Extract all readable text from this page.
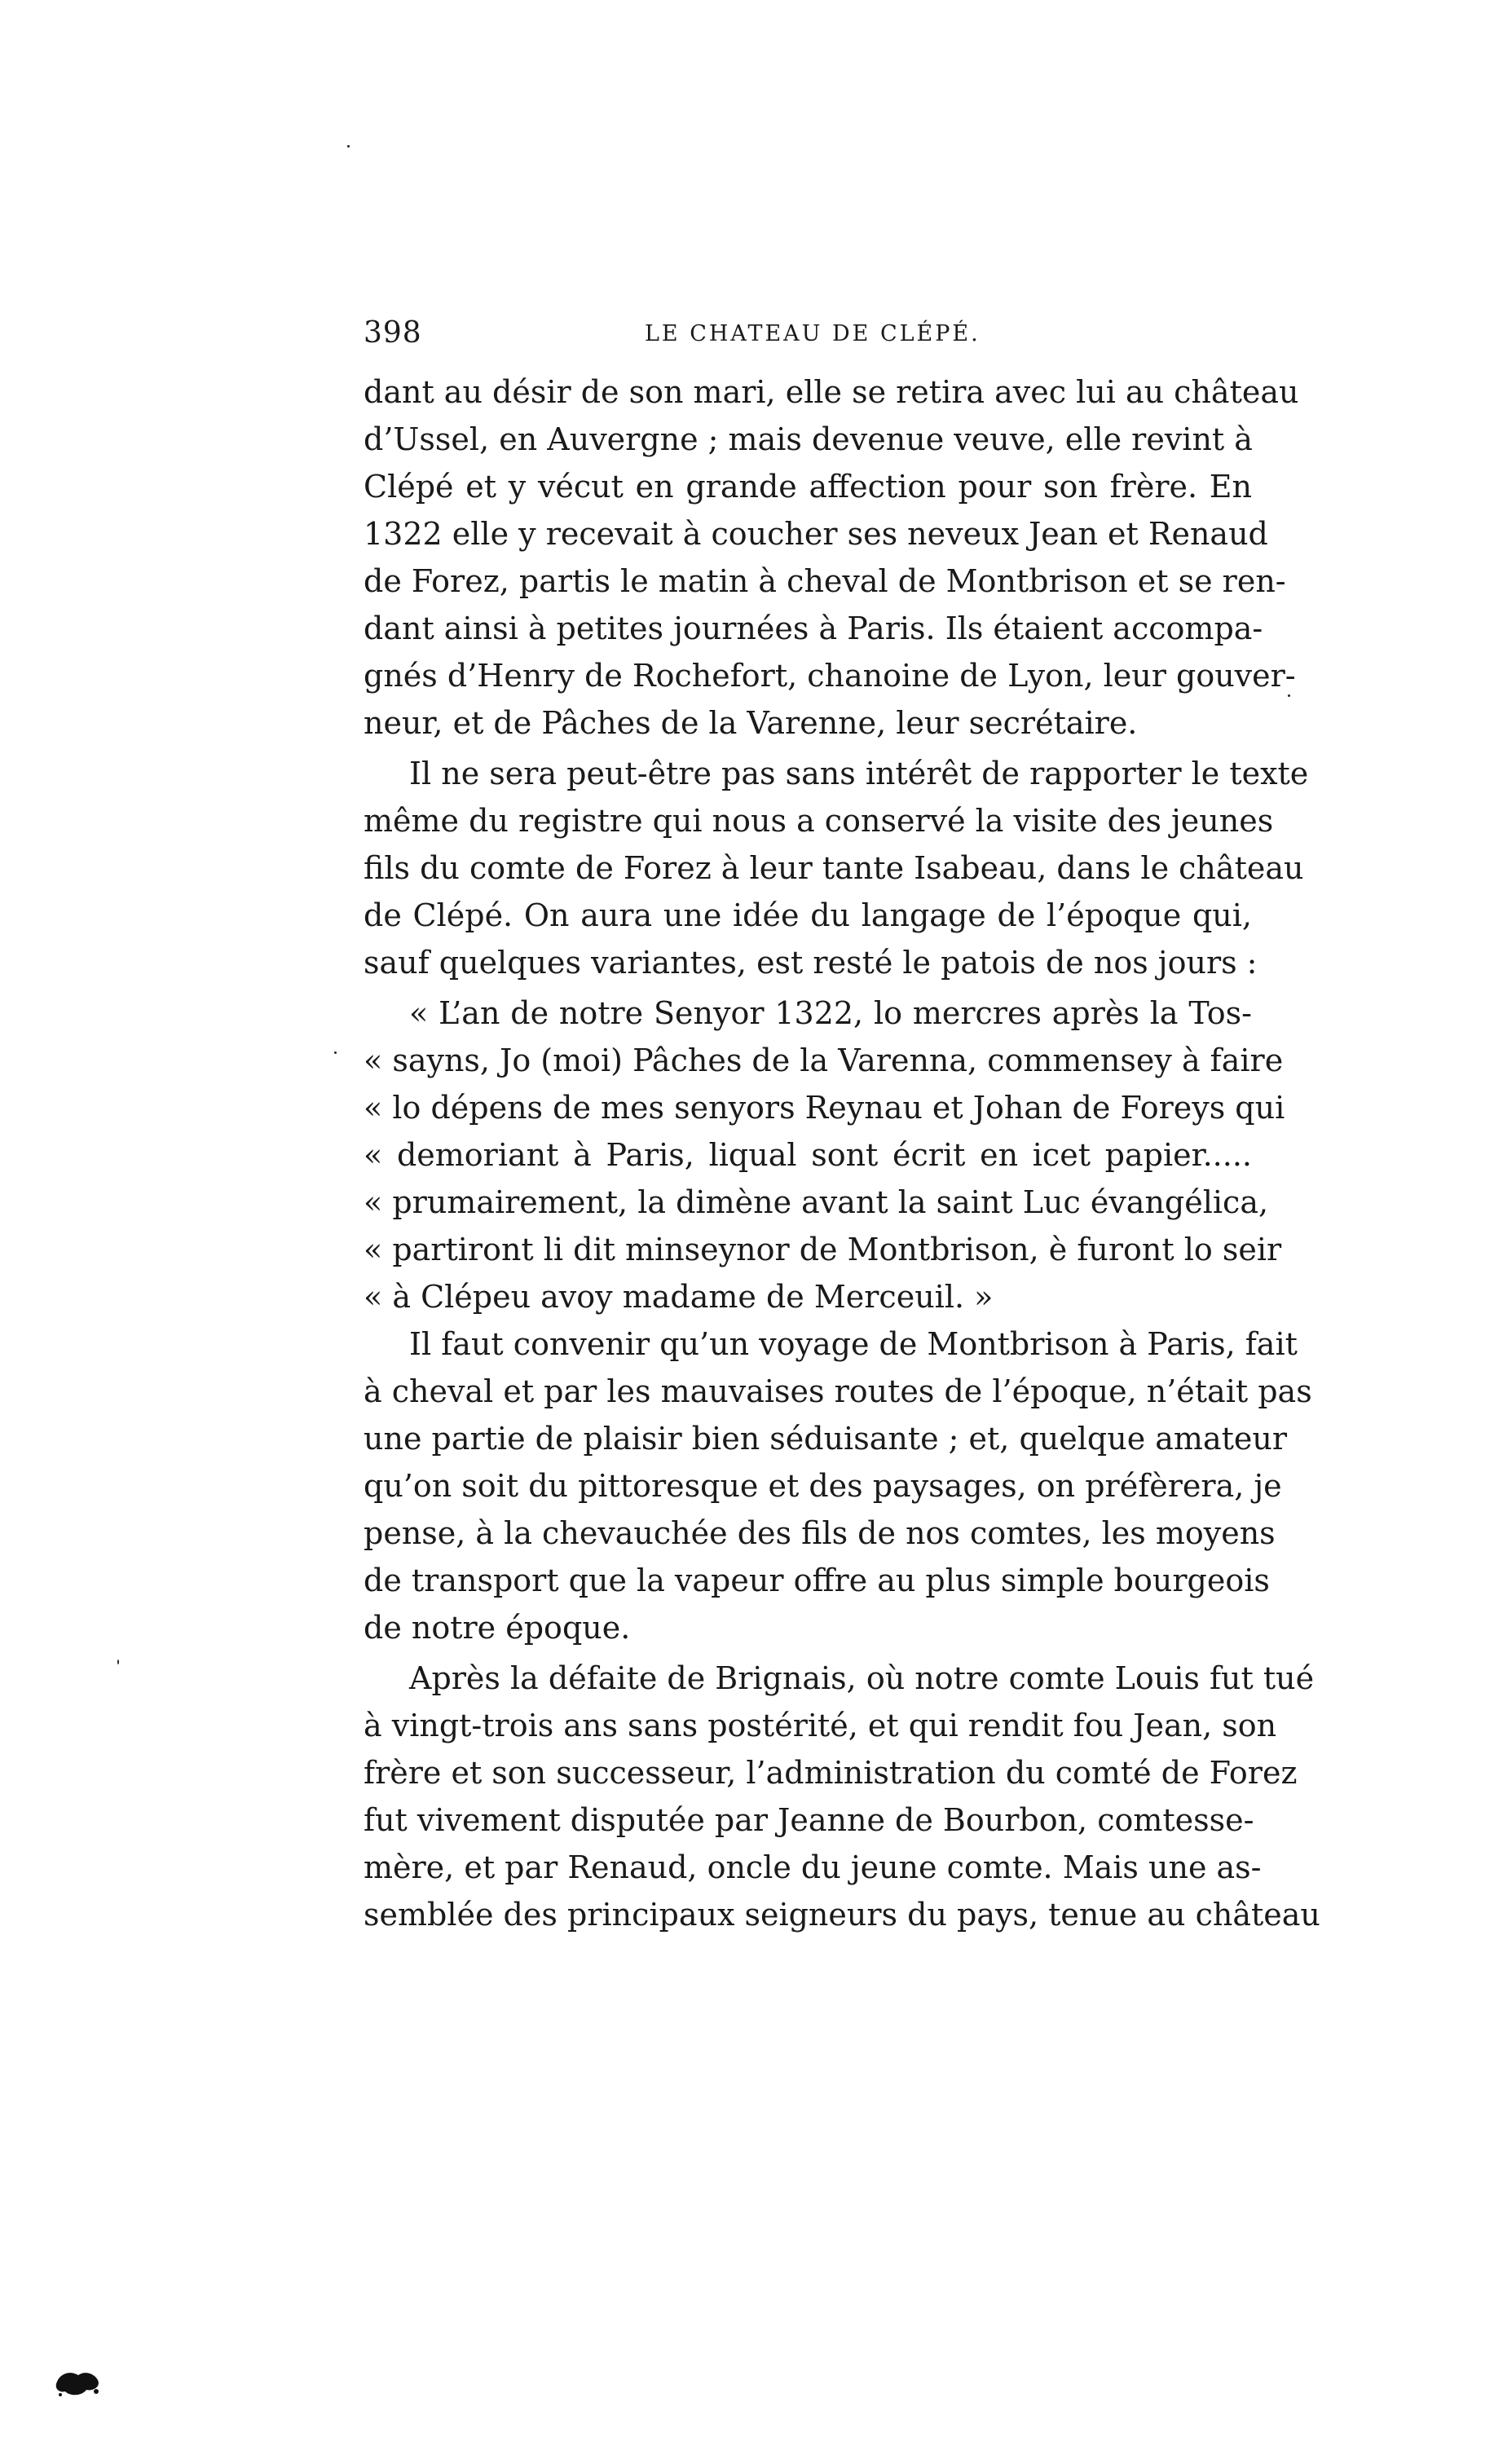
398	LE CHATEAU DE CLÉPÉ.
dant au désir de son mari, elle se retira avec lui au château
d’Ussel, en Auvergne ; mais devenue veuve, elle revint à
Clépé et y vécut en grande affection pour son frère. En
1322 elle y recevait à coucher ses neveux Jean et Renaud
de Forez, partis le matin à cheval de Montbrison et se ren-
dant ainsi à petites journées à Paris. Ils étaient accompa-
gnés d’Henry de Rochefort, chanoine de Lyon, leur gouver-
neur, et de Pâches de la Varenne, leur secrétaire.
Il ne sera peut-être pas sans intérêt de rapporter le texte
même du registre qui nous a conservé la visite des jeunes
fils du comte de Forez à leur tante Isabeau, dans le château
de Clépé. On aura une idée du langage de l’époque qui,
sauf quelques variantes, est resté le patois de nos jours :
« L’an de notre Senyor 1322, lo mercres après la Tos-
« sayns, Jo (moi) Pâches de la Varenna, commensey à faire
« lo dépens de mes senyors Reynau et Johan de Foreys qui
« demoriant à Paris, liqual sont écrit en icet papier.....
« prumairement, la dimène avant la saint Luc évangélica,
« partiront li dit minseynor de Montbrison, è furont lo seir
« à Clépeu avoy madame de Merceuil. »
Il faut convenir qu’un voyage de Montbrison à Paris, fait
à cheval et par les mauvaises routes de l’époque, n’était pas
une partie de plaisir bien séduisante ; et, quelque amateur
qu’on soit du pittoresque et des paysages, on préfèrera, je
pense, à la chevauchée des fils de nos comtes, les moyens
de transport que la vapeur offre au plus simple bourgeois
de notre époque.
Après la défaite de Brignais, où notre comte Louis fut tué
à vingt-trois ans sans postérité, et qui rendit fou Jean, son
frère et son successeur, l’administration du comté de Forez
fut vivement disputée par Jeanne de Bourbon, comtesse-
mère, et par Renaud, oncle du jeune comte. Mais une as-
semblée des principaux seigneurs du pays, tenue au château
